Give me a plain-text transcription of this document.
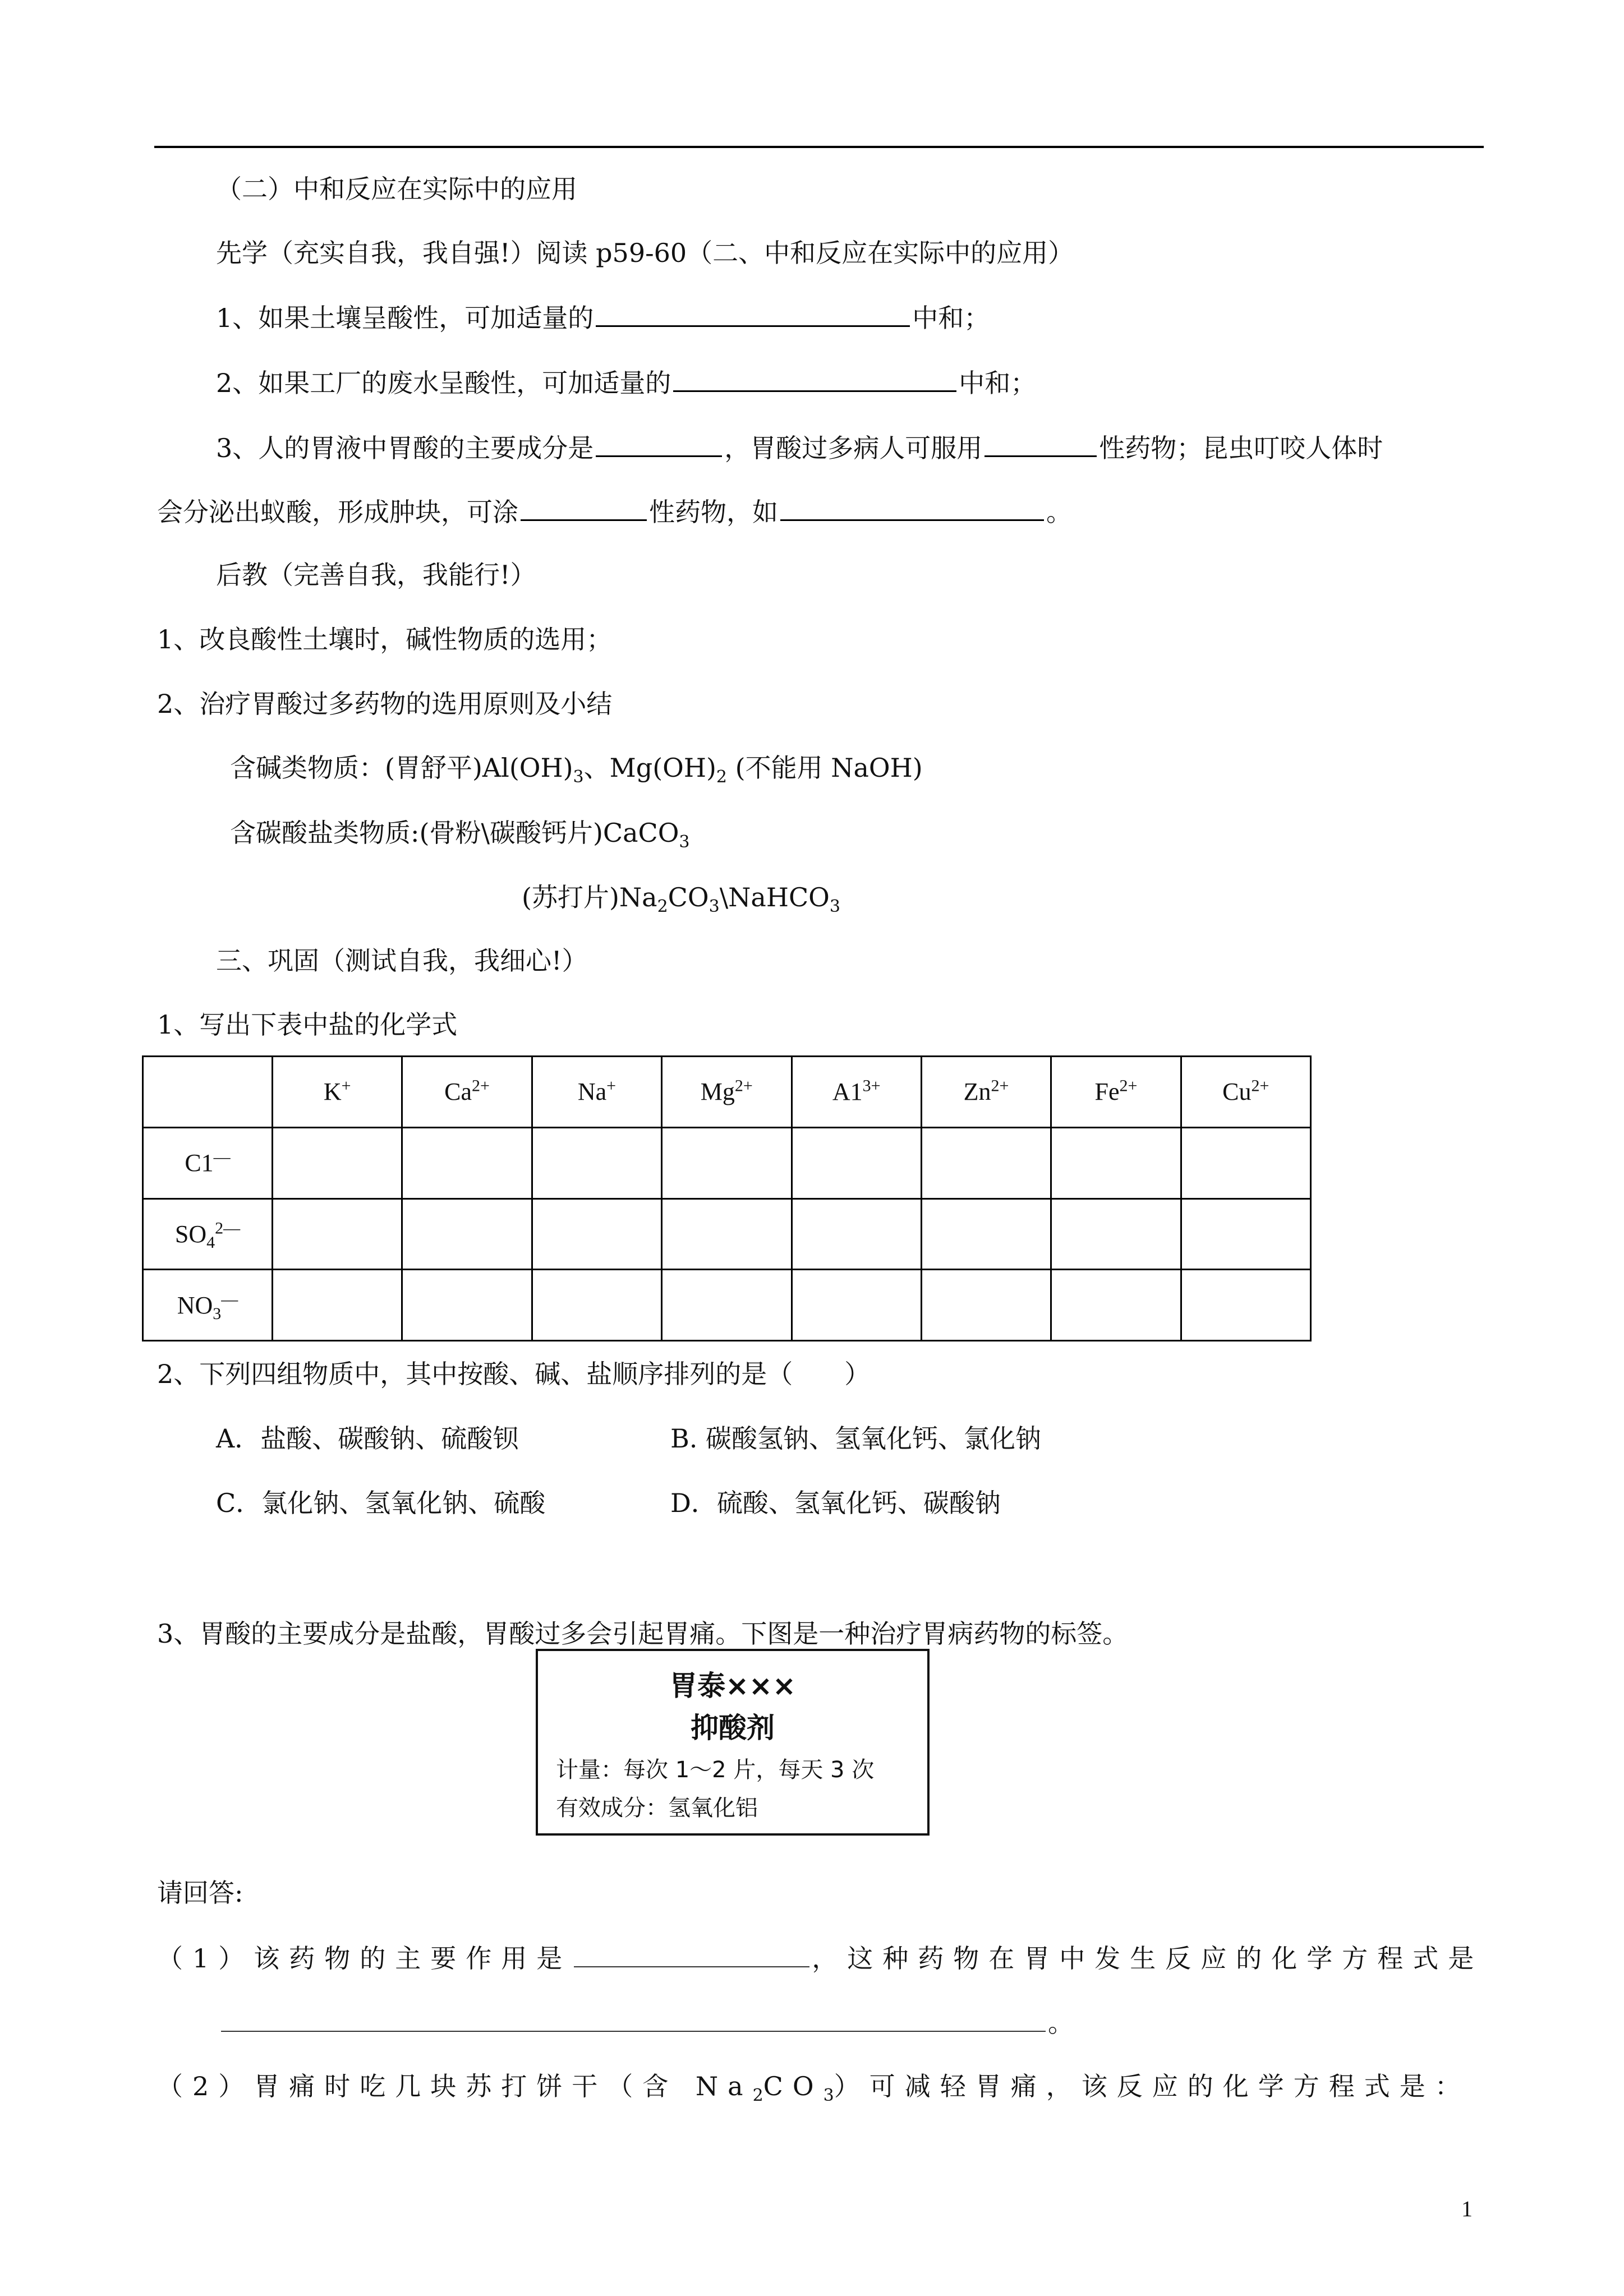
（二）中和反应在实际中的应用
先学（充实自我，我自强!）阅读 p59-60（二、中和反应在实际中的应用）
1、如果土壤呈酸性，可加适量的	中和；
2、如果工厂的废水呈酸性，可加适量的	中和；
3、人的胃液中胃酸的主要成分是	，胃酸过多病人可服用	性药物；昆虫叮咬人体时
会分泌出蚁酸，形成肿块，可涂	性药物，如	。
后教（完善自我，我能行!）
1、改良酸性土壤时，碱性物质的选用；
2、治疗胃酸过多药物的选用原则及小结
含碱类物质：(胃舒平)$Al(OH)_3$、$Mg(OH)_2$ (不能用 NaOH)
含碳酸盐类物质:(骨粉\碳酸钙片)CaCO$_3$
(苏打片)$Na_2CO_3\backslash NaHCO_3$
三、巩固（测试自我，我细心!）
1、写出下表中盐的化学式
	K+	$Ca^{2+}$	Na+	$Mg^{2+}$	$A1^{3+}$	$Zn^{2+}$	$Fe^{2+}$	$Cu^{2+}$
C1—								
$SO_4^{2—}$								
$NO_3^—$								
2、下列四组物质中，其中按酸、碱、盐顺序排列的是（　　）
A．盐酸、碳酸钠、硫酸钡	B. 碳酸氢钠、氢氧化钙、氯化钠
C．氯化钠、氢氧化钠、硫酸	D．硫酸、氢氧化钙、碳酸钠
3、胃酸的主要成分是盐酸，胃酸过多会引起胃痛。下图是一种治疗胃病药物的标签。
胃泰×××
抑酸剂
计量：每次 1～2 片，每天 3 次
有效成分：氢氧化铝
请回答:
（1）该药物的主要作用是	，这种药物在胃中发生反应的化学方程式是
。
（2）胃痛时吃几块苏打饼干（含 $Na_2CO_3$）可减轻胃痛，该反应的化学方程式是：
1
